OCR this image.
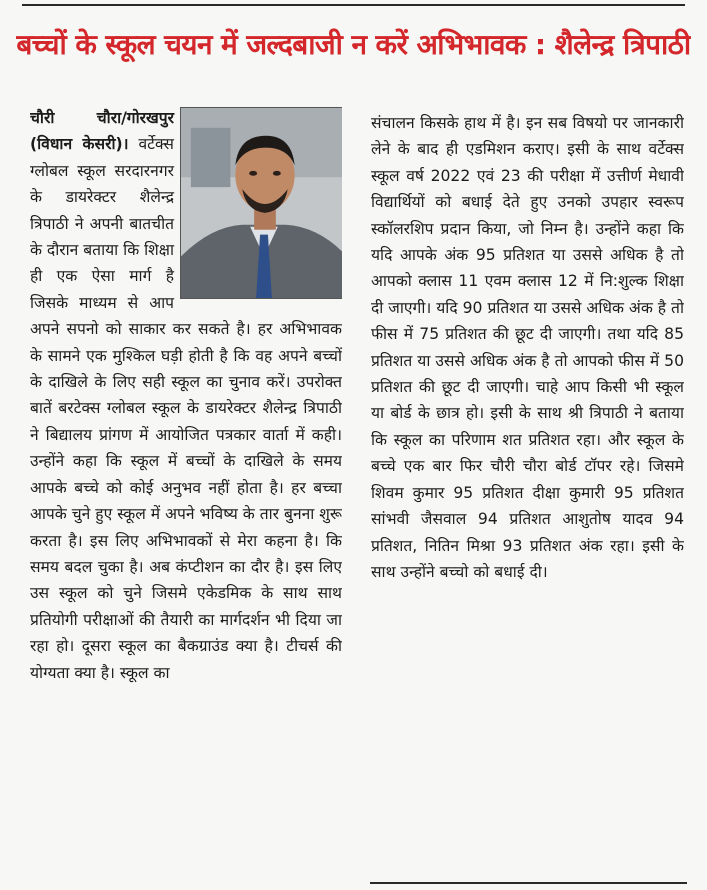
बच्चों के स्कूल चयन में जल्दबाजी न करें अभिभावक : शैलेन्द्र त्रिपाठी

चौरी चौरा/गोरखपुर (विधान केसरी)। वर्टेक्स ग्लोबल स्कूल सरदारनगर के डायरेक्टर शैलेन्द्र त्रिपाठी ने अपनी बातचीत के दौरान बताया कि शिक्षा ही एक ऐसा मार्ग है जिसके माध्यम से आप अपने सपनो को साकार कर सकते है। हर अभिभावक के सामने एक मुश्किल घड़ी होती है कि वह अपने बच्चों के दाखिले के लिए सही स्कूल का चुनाव करें। उपरोक्त बातें बरटेक्स ग्लोबल स्कूल के डायरेक्टर शैलेन्द्र त्रिपाठी ने बिद्यालय प्रांगण में आयोजित पत्रकार वार्ता में कही। उन्होंने कहा कि स्कूल में बच्चों के दाखिले के समय आपके बच्चे को कोई अनुभव नहीं होता है। हर बच्चा आपके चुने हुए स्कूल में अपने भविष्य के तार बुनना शुरू करता है। इस लिए अभिभावकों से मेरा कहना है। कि समय बदल चुका है। अब कंप्टीशन का दौर है। इस लिए उस स्कूल को चुने जिसमे एकेडमिक के साथ साथ प्रतियोगी परीक्षाओं की तैयारी का मार्गदर्शन भी दिया जा रहा हो। दूसरा स्कूल का बैकग्राउंड क्या है। टीचर्स की योग्यता क्या है। स्कूल का

संचालन किसके हाथ में है। इन सब विषयो पर जानकारी लेने के बाद ही एडमिशन कराए। इसी के साथ वर्टेक्स स्कूल वर्ष 2022 एवं 23 की परीक्षा में उत्तीर्ण मेधावी विद्यार्थियों को बधाई देते हुए उनको उपहार स्वरूप स्कॉलरशिप प्रदान किया, जो निम्न है। उन्होंने कहा कि यदि आपके अंक 95 प्रतिशत या उससे अधिक है तो आपको क्लास 11 एवम क्लास 12 में नि:शुल्क शिक्षा दी जाएगी। यदि 90 प्रतिशत या उससे अधिक अंक है तो फीस में 75 प्रतिशत की छूट दी जाएगी। तथा यदि 85 प्रतिशत या उससे अधिक अंक है तो आपको फीस में 50 प्रतिशत की छूट दी जाएगी। चाहे आप किसी भी स्कूल या बोर्ड के छात्र हो। इसी के साथ श्री त्रिपाठी ने बताया कि स्कूल का परिणाम शत प्रतिशत रहा। और स्कूल के बच्चे एक बार फिर चौरी चौरा बोर्ड टॉपर रहे। जिसमे शिवम कुमार 95 प्रतिशत दीक्षा कुमारी 95 प्रतिशत सांभवी जैसवाल 94 प्रतिशत आशुतोष यादव 94 प्रतिशत, नितिन मिश्रा 93 प्रतिशत अंक रहा। इसी के साथ उन्होंने बच्चो को बधाई दी।
